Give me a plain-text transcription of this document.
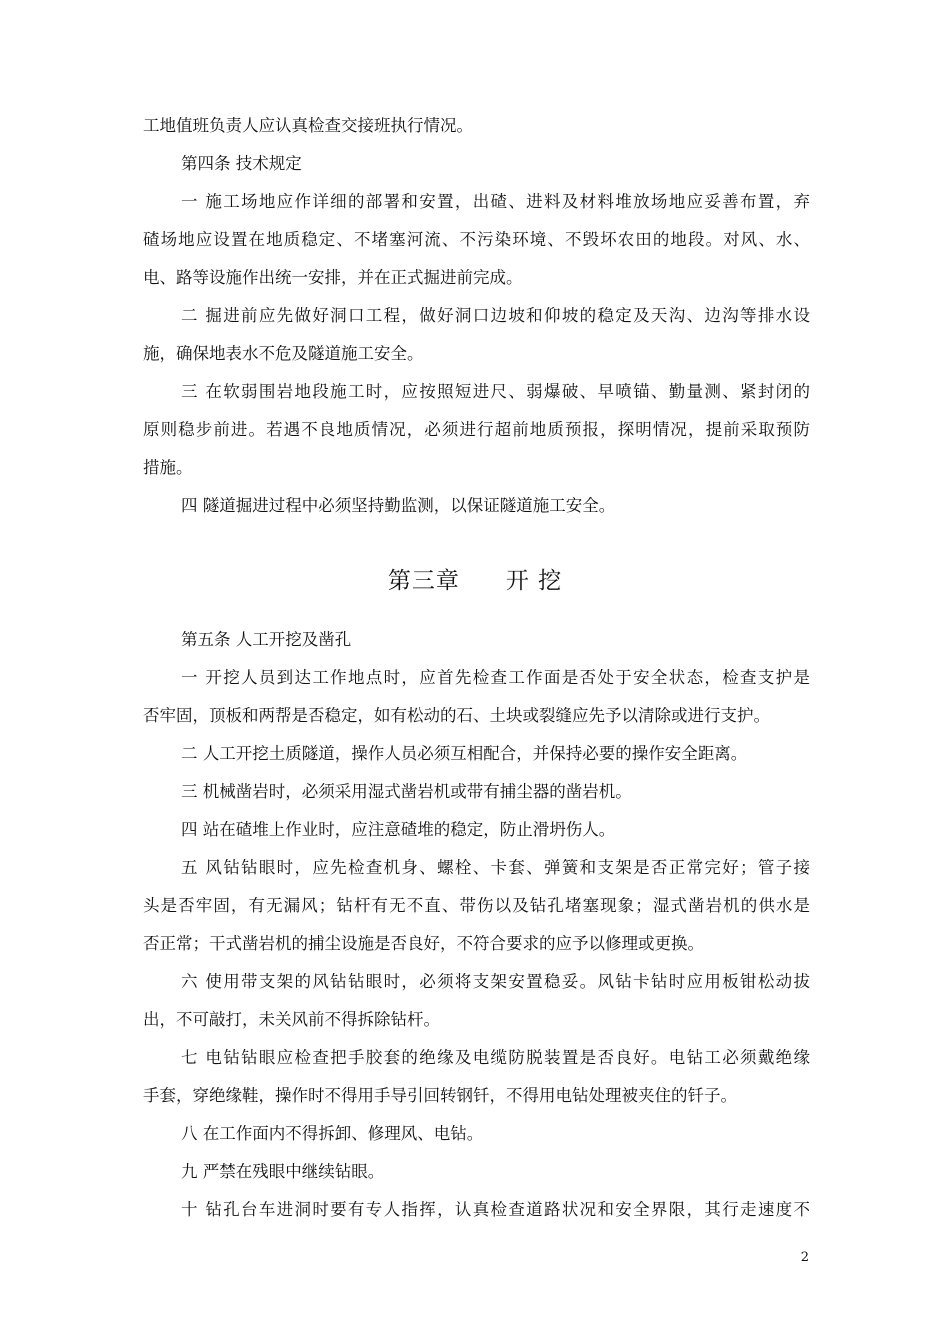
工地值班负责人应认真检查交接班执行情况。
第四条 技术规定
一 施工场地应作详细的部署和安置，出碴、进料及材料堆放场地应妥善布置，弃
碴场地应设置在地质稳定、不堵塞河流、不污染环境、不毁坏农田的地段。对风、水、
电、路等设施作出统一安排，并在正式掘进前完成。
二 掘进前应先做好洞口工程，做好洞口边坡和仰坡的稳定及天沟、边沟等排水设
施，确保地表水不危及隧道施工安全。
三 在软弱围岩地段施工时，应按照短进尺、弱爆破、早喷锚、勤量测、紧封闭的
原则稳步前进。若遇不良地质情况，必须进行超前地质预报，探明情况，提前采取预防
措施。
四 隧道掘进过程中必须坚持勤监测，以保证隧道施工安全。
第三章 开 挖
第五条 人工开挖及凿孔
一 开挖人员到达工作地点时，应首先检查工作面是否处于安全状态，检查支护是
否牢固，顶板和两帮是否稳定，如有松动的石、土块或裂缝应先予以清除或进行支护。
二 人工开挖土质隧道，操作人员必须互相配合，并保持必要的操作安全距离。
三 机械凿岩时，必须采用湿式凿岩机或带有捕尘器的凿岩机。
四 站在碴堆上作业时，应注意碴堆的稳定，防止滑坍伤人。
五 风钻钻眼时，应先检查机身、螺栓、卡套、弹簧和支架是否正常完好；管子接
头是否牢固，有无漏风；钻杆有无不直、带伤以及钻孔堵塞现象；湿式凿岩机的供水是
否正常；干式凿岩机的捕尘设施是否良好，不符合要求的应予以修理或更换。
六 使用带支架的风钻钻眼时，必须将支架安置稳妥。风钻卡钻时应用板钳松动拔
出，不可敲打，未关风前不得拆除钻杆。
七 电钻钻眼应检查把手胶套的绝缘及电缆防脱装置是否良好。电钻工必须戴绝缘
手套，穿绝缘鞋，操作时不得用手导引回转钢钎，不得用电钻处理被夹住的钎子。
八 在工作面内不得拆卸、修理风、电钻。
九 严禁在残眼中继续钻眼。
十 钻孔台车进洞时要有专人指挥，认真检查道路状况和安全界限，其行走速度不
2
